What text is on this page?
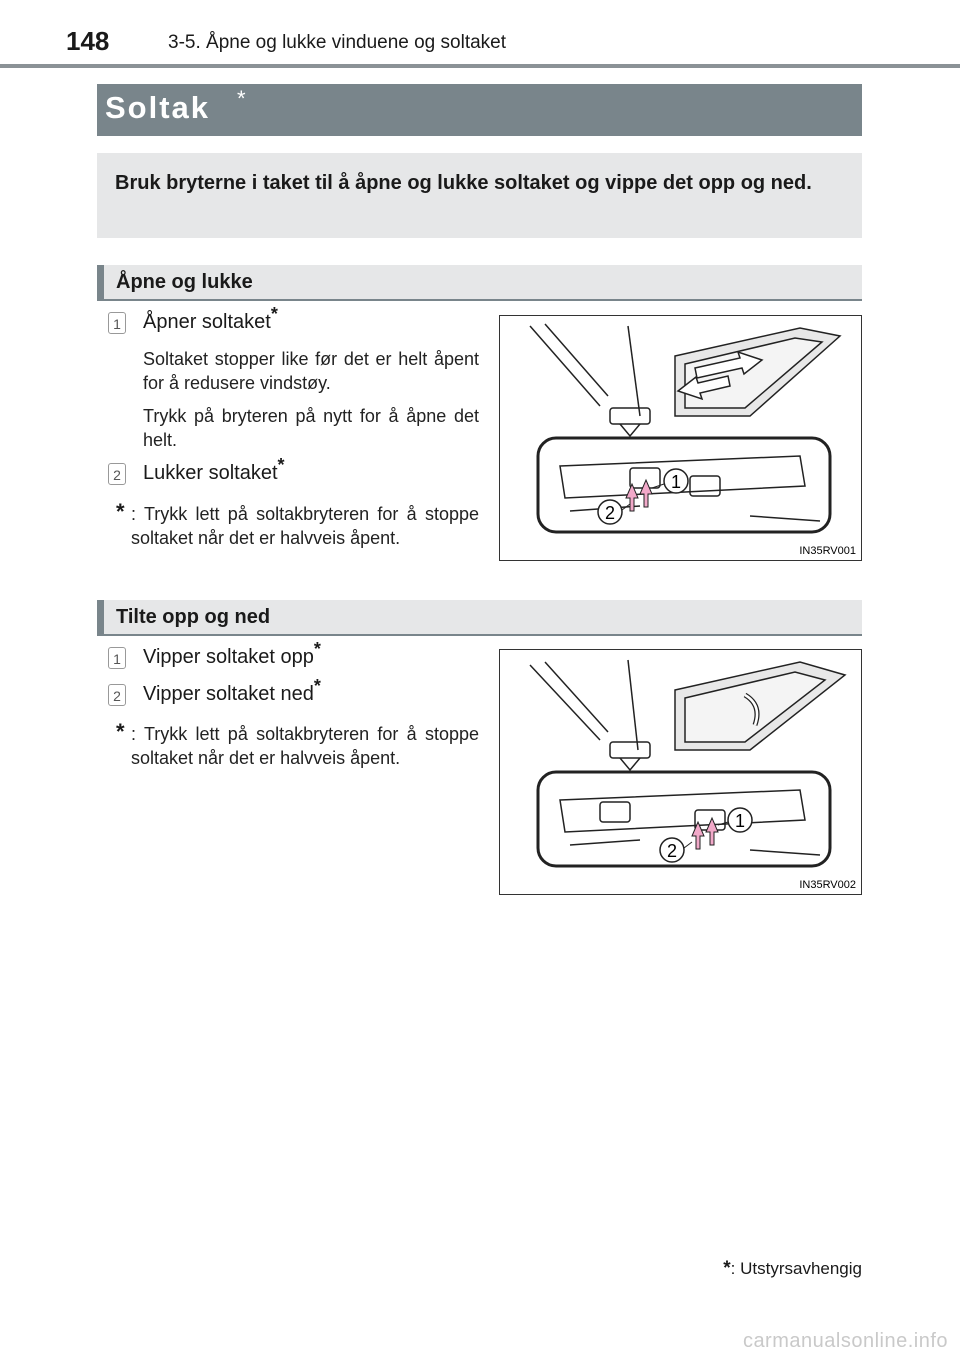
148	3-5. Åpne og lukke vinduene og soltaket
Soltak *
Bruk bryterne i taket til å åpne og lukke soltaket og vippe det opp og ned.
Åpne og lukke
1 Åpner soltaket*
Soltaket stopper like før det er helt åpent for å redusere vindstøy.
Trykk på bryteren på nytt for å åpne det helt.
2 Lukker soltaket*
* : Trykk lett på soltakbryteren for å stoppe soltaket når det er halvveis åpent.
1
2
IN35RV001
Tilte opp og ned
1 Vipper soltaket opp*
2 Vipper soltaket ned*
* : Trykk lett på soltakbryteren for å stoppe soltaket når det er halvveis åpent.
1
2
IN35RV002
*: Utstyrsavhengig
carmanualsonline.info
